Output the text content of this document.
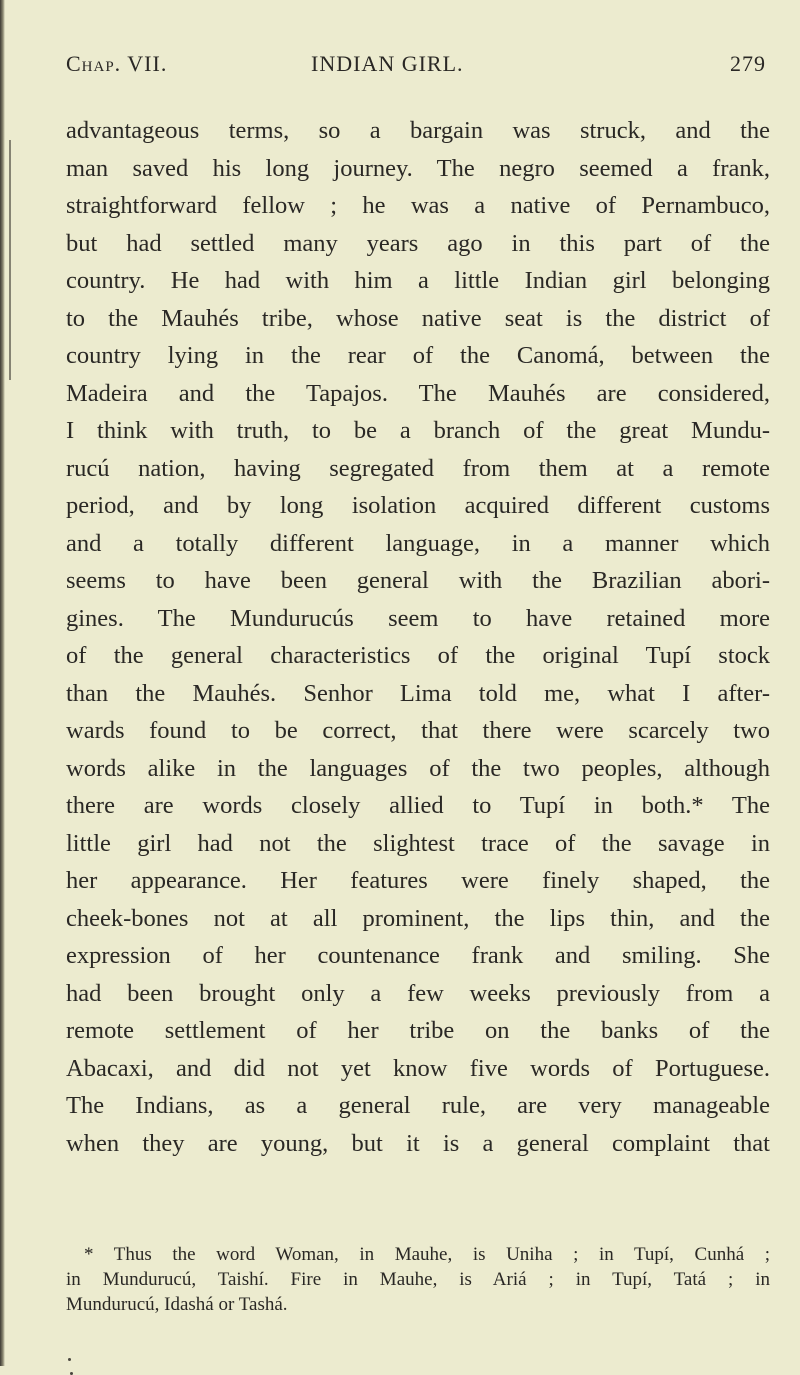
Chap. VII.	INDIAN GIRL.	279
advantageous terms, so a bargain was struck, and the
man saved his long journey. The negro seemed a frank,
straightforward fellow ; he was a native of Pernambuco,
but had settled many years ago in this part of the
country. He had with him a little Indian girl belonging
to the Mauhés tribe, whose native seat is the district of
country lying in the rear of the Canomá, between the
Madeira and the Tapajos. The Mauhés are considered,
I think with truth, to be a branch of the great Mundu-
rucú nation, having segregated from them at a remote
period, and by long isolation acquired different customs
and a totally different language, in a manner which
seems to have been general with the Brazilian abori-
gines. The Mundurucús seem to have retained more
of the general characteristics of the original Tupí stock
than the Mauhés. Senhor Lima told me, what I after-
wards found to be correct, that there were scarcely two
words alike in the languages of the two peoples, although
there are words closely allied to Tupí in both.* The
little girl had not the slightest trace of the savage in
her appearance. Her features were finely shaped, the
cheek-bones not at all prominent, the lips thin, and the
expression of her countenance frank and smiling. She
had been brought only a few weeks previously from a
remote settlement of her tribe on the banks of the
Abacaxi, and did not yet know five words of Portuguese.
The Indians, as a general rule, are very manageable
when they are young, but it is a general complaint that
* Thus the word Woman, in Mauhe, is Uniha ; in Tupí, Cunhá ;
in Mundurucú, Taishí. Fire in Mauhe, is Ariá ; in Tupí, Tatá ; in
Mundurucú, Idashá or Tashá.
